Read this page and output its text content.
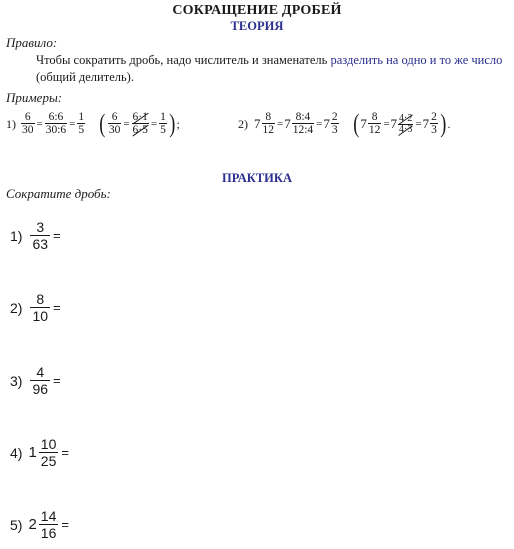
СОКРАЩЕНИЕ ДРОБЕЙ
ТЕОРИЯ
Правило:
Чтобы сократить дробь, надо числитель и знаменатель разделить на одно и то же число (общий делитель).
Примеры:
$1) \frac{6}{30} = \frac{6:6}{30:6} = \frac{1}{5}$ ( $\frac{6}{30} = \frac{6\cdot 1}{6\cdot 5} = \frac{1}{5}$ ) ;	2) $7 \frac{8}{12} = 7 \frac{8:4}{12:4} = 7 \frac{2}{3}$ ( $7 \frac{8}{12} = 7 \frac{4\cdot 2}{4\cdot 3} = 7 \frac{2}{3}$ ) .
ПРАКТИКА
Сократите дробь:
$1) \frac{3}{63}$ =
$2) \frac{8}{10}$ =
$3) \frac{4}{96}$ =
4) $1 \frac{10}{25}$ =
5) $2 \frac{14}{16}$ =
